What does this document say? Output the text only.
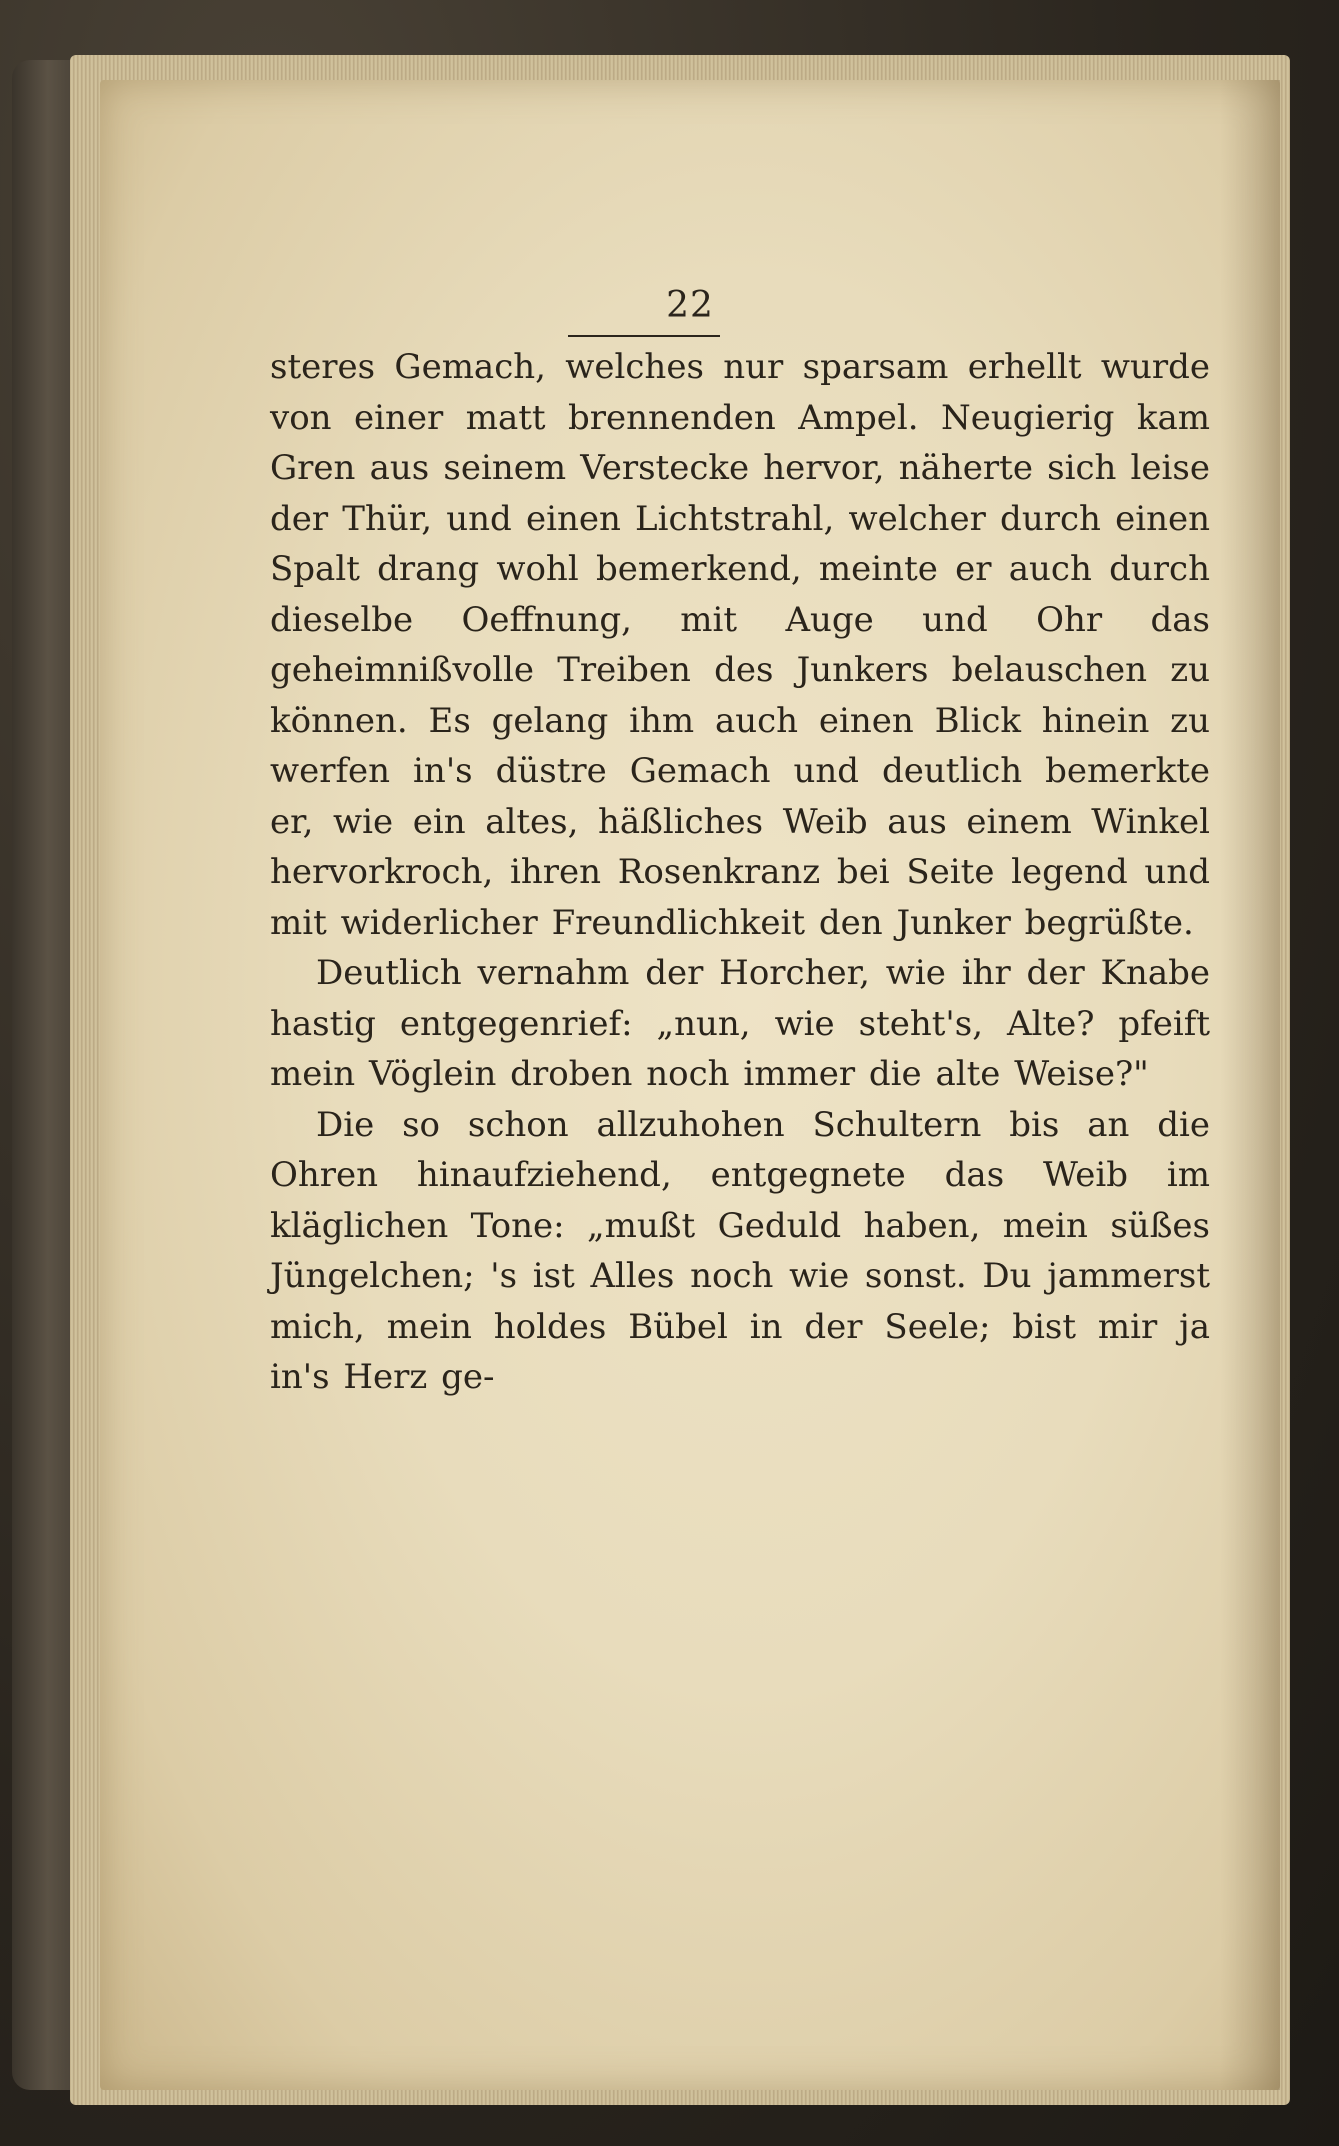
22

steres Gemach, welches nur sparsam erhellt wurde von einer matt brennenden Ampel. Neugierig kam Gren aus seinem Verstecke hervor, näherte sich leise der Thür, und einen Lichtstrahl, welcher durch einen Spalt drang wohl bemerkend, meinte er auch durch dieselbe Oeffnung, mit Auge und Ohr das geheimnißvolle Treiben des Junkers belauschen zu können. Es gelang ihm auch einen Blick hinein zu werfen in's düstre Gemach und deutlich bemerkte er, wie ein altes, häßliches Weib aus einem Winkel hervorkroch, ihren Rosenkranz bei Seite legend und mit widerlicher Freundlichkeit den Junker begrüßte.

Deutlich vernahm der Horcher, wie ihr der Knabe hastig entgegenrief: „nun, wie steht's, Alte? pfeift mein Vöglein droben noch immer die alte Weise?"

Die so schon allzuhohen Schultern bis an die Ohren hinaufziehend, entgegnete das Weib im kläglichen Tone: „mußt Geduld haben, mein süßes Jüngelchen; 's ist Alles noch wie sonst. Du jammerst mich, mein holdes Bübel in der Seele; bist mir ja in's Herz ge-
